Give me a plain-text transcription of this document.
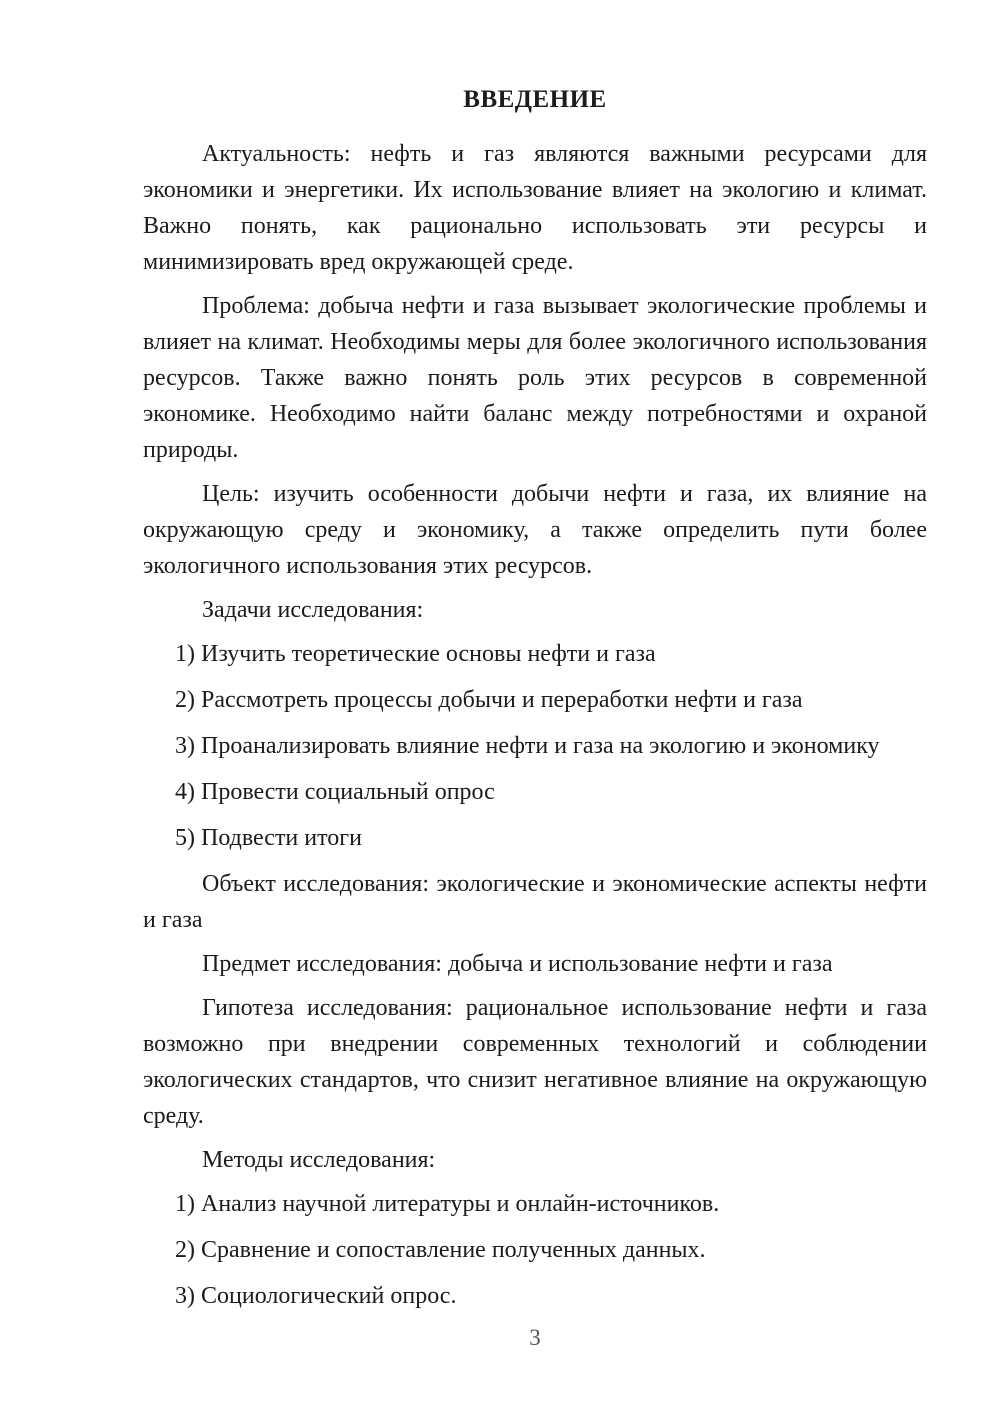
ВВЕДЕНИЕ

Актуальность: нефть и газ являются важными ресурсами для экономики и энергетики. Их использование влияет на экологию и климат. Важно понять, как рационально использовать эти ресурсы и минимизировать вред окружающей среде.

Проблема: добыча нефти и газа вызывает экологические проблемы и влияет на климат. Необходимы меры для более экологичного использования ресурсов. Также важно понять роль этих ресурсов в современной экономике. Необходимо найти баланс между потребностями и охраной природы.

Цель: изучить особенности добычи нефти и газа, их влияние на окружающую среду и экономику, а также определить пути более экологичного использования этих ресурсов.

Задачи исследования:

1) Изучить теоретические основы нефти и газа

2) Рассмотреть процессы добычи и переработки нефти и газа

3) Проанализировать влияние нефти и газа на экологию и экономику

4) Провести социальный опрос

5) Подвести итоги

Объект исследования: экологические и экономические аспекты нефти и газа

Предмет исследования: добыча и использование нефти и газа

Гипотеза исследования: рациональное использование нефти и газа возможно при внедрении современных технологий и соблюдении экологических стандартов, что снизит негативное влияние на окружающую среду.

Методы исследования:

1) Анализ научной литературы и онлайн-источников.

2) Сравнение и сопоставление полученных данных.

3) Социологический опрос.

3
